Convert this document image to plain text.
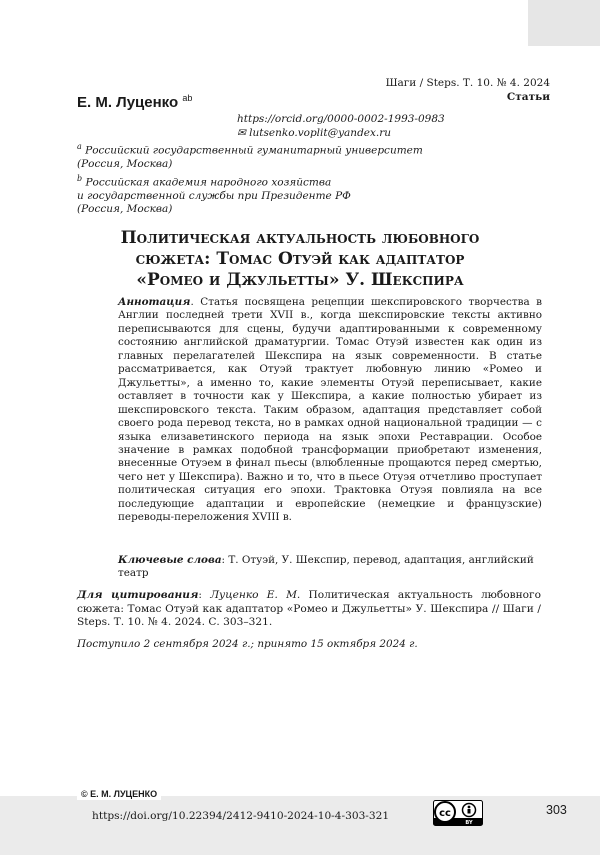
Шаги / Steps. Т. 10. № 4. 2024
Статьи
Е. М. Луценко ab
https://orcid.org/0000-0002-1993-0983
✉ lutsenko.voplit@yandex.ru
a Российский государственный гуманитарный университет
(Россия, Москва)
b Российская академия народного хозяйства
и государственной службы при Президенте РФ
(Россия, Москва)
Политическая актуальность любовного
сюжета: Томас Отуэй как адаптатор
«Ромео и Джульетты» У. Шекспира
Аннотация. Статья посвящена рецепции шекспировского творчества в Англии последней трети XVII в., когда шекспировские тексты активно переписываются для сцены, будучи адаптированными к современному состоянию английской драматургии. Томас Отуэй известен как один из главных перелагателей Шекспира на язык современности. В статье рассматривается, как Отуэй трактует любовную линию «Ромео и Джульетты», а именно то, какие элементы Отуэй переписывает, какие оставляет в точности как у Шекспира, а какие полностью убирает из шекспировского текста. Таким образом, адаптация представляет собой своего рода перевод текста, но в рамках одной национальной традиции — с языка елизаветинского периода на язык эпохи Реставрации. Особое значение в рамках подобной трансформации приобретают изменения, внесенные Отуэем в финал пьесы (влюбленные прощаются перед смертью, чего нет у Шекспира). Важно и то, что в пьесе Отуэя отчетливо проступает политическая ситуация его эпохи. Трактовка Отуэя повлияла на все последующие адаптации и европейские (немецкие и французские) переводы-переложения XVIII в.
Ключевые слова: Т. Отуэй, У. Шекспир, перевод, адаптация, английский театр
Для цитирования: Луценко Е. М. Политическая актуальность любовного сюжета: Томас Отуэй как адаптатор «Ромео и Джульетты» У. Шекспира // Шаги / Steps. Т. 10. № 4. 2024. С. 303–321.
Поступило 2 сентября 2024 г.; принято 15 октября 2024 г.
© Е. М. ЛУЦЕНКО
https://doi.org/10.22394/2412-9410-2024-10-4-303-321	cc
BY
303
